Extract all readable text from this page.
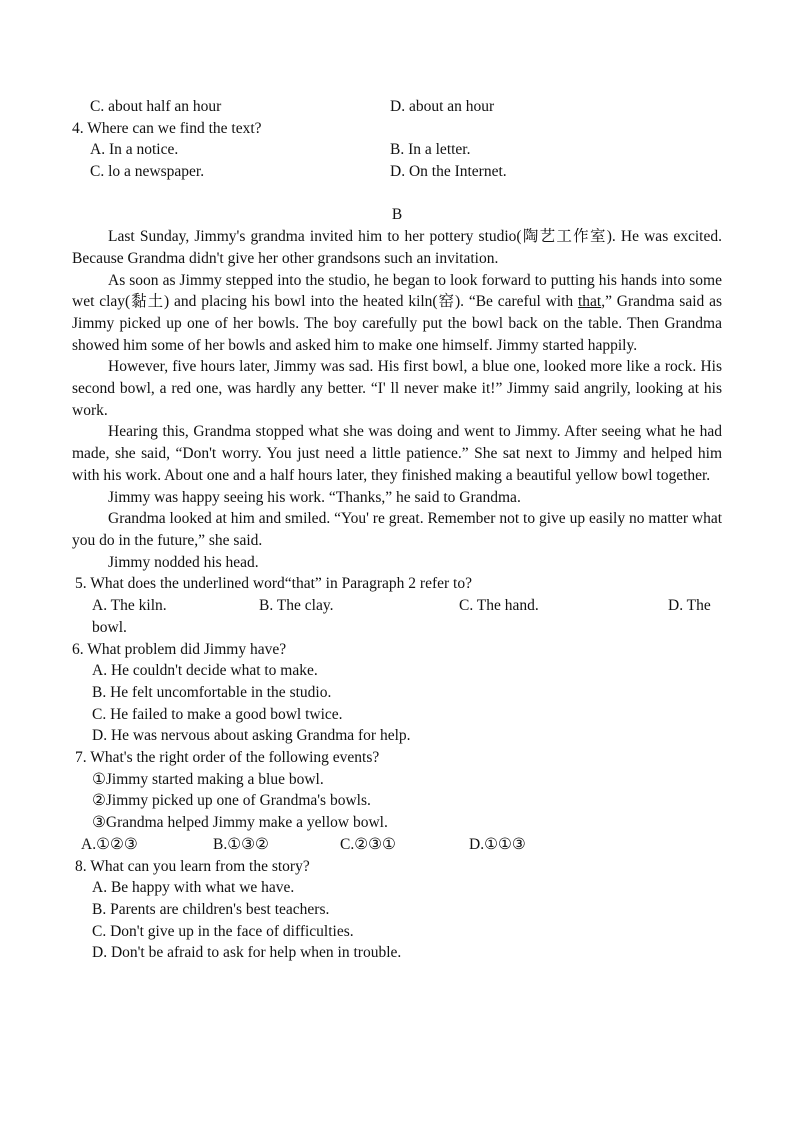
C. about half an hour	D. about an hour
4. Where can we find the text?
A. In a notice.	B. In a letter.
C. lo a newspaper.	D. On the Internet.
B
Last Sunday, Jimmy's grandma invited him to her pottery studio(陶艺工作室). He was excited. Because Grandma didn't give her other grandsons such an invitation.
As soon as Jimmy stepped into the studio, he began to look forward to putting his hands into some wet clay(黏土) and placing his bowl into the heated kiln(窑). “Be careful with that,” Grandma said as Jimmy picked up one of her bowls. The boy carefully put the bowl back on the table. Then Grandma showed him some of her bowls and asked him to make one himself. Jimmy started happily.
However, five hours later, Jimmy was sad. His first bowl, a blue one, looked more like a rock. His second bowl, a red one, was hardly any better. “I' ll never make it!” Jimmy said angrily, looking at his work.
Hearing this, Grandma stopped what she was doing and went to Jimmy. After seeing what he had made, she said, “Don't worry. You just need a little patience.” She sat next to Jimmy and helped him with his work. About one and a half hours later, they finished making a beautiful yellow bowl together.
Jimmy was happy seeing his work. “Thanks,” he said to Grandma.
Grandma looked at him and smiled. “You' re great. Remember not to give up easily no matter what you do in the future,” she said.
Jimmy nodded his head.
5. What does the underlined word“that” in Paragraph 2 refer to?
A. The kiln.	B. The clay.	C. The hand.	D. The
bowl.
6. What problem did Jimmy have?
A. He couldn't decide what to make.
B. He felt uncomfortable in the studio.
C. He failed to make a good bowl twice.
D. He was nervous about asking Grandma for help.
7. What's the right order of the following events?
①Jimmy started making a blue bowl.
②Jimmy picked up one of Grandma's bowls.
③Grandma helped Jimmy make a yellow bowl.
A.①②③	B.①③②	C.②③①	D.①①③
8. What can you learn from the story?
A. Be happy with what we have.
B. Parents are children's best teachers.
C. Don't give up in the face of difficulties.
D. Don't be afraid to ask for help when in trouble.
